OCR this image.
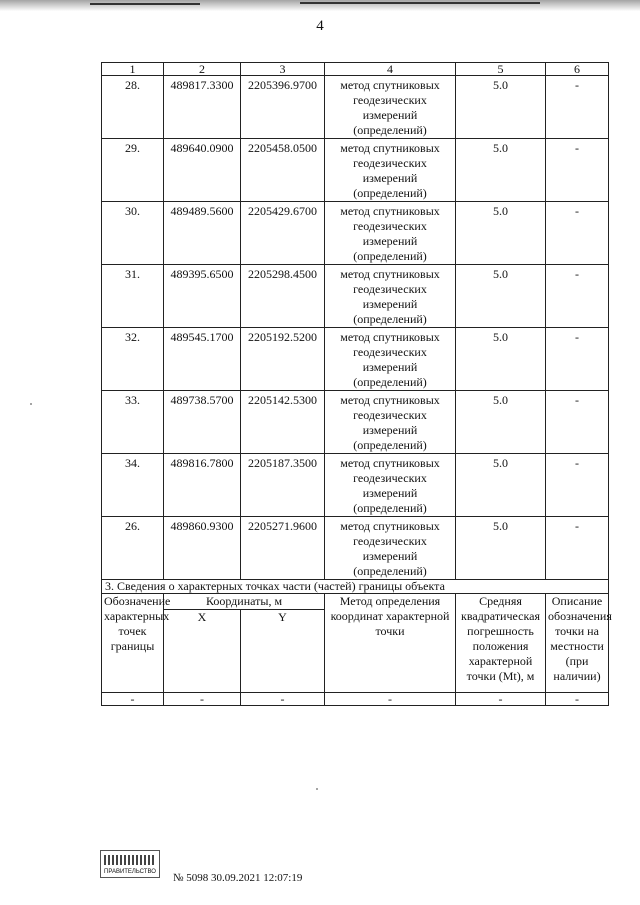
4
1	2	3	4	5	6
28.	489817.3300	2205396.9700	метод спутниковых геодезических измерений (определений)	5.0	-
29.	489640.0900	2205458.0500	метод спутниковых геодезических измерений (определений)	5.0	-
30.	489489.5600	2205429.6700	метод спутниковых геодезических измерений (определений)	5.0	-
31.	489395.6500	2205298.4500	метод спутниковых геодезических измерений (определений)	5.0	-
32.	489545.1700	2205192.5200	метод спутниковых геодезических измерений (определений)	5.0	-
33.	489738.5700	2205142.5300	метод спутниковых геодезических измерений (определений)	5.0	-
34.	489816.7800	2205187.3500	метод спутниковых геодезических измерений (определений)	5.0	-
26.	489860.9300	2205271.9600	метод спутниковых геодезических измерений (определений)	5.0	-
3. Сведения о характерных точках части (частей) границы объекта					
Обозначение характерных точек границы	Координаты, м		Метод определения координат характерной точки	Средняя квадратическая погрешность положения характерной точки (Mt), м	Описание обозначения точки на местности (при наличии)
	X	Y			
-	-	-	-	-	-
ПРАВИТЕЛЬСТВО № 5098 30.09.2021 12:07:19
